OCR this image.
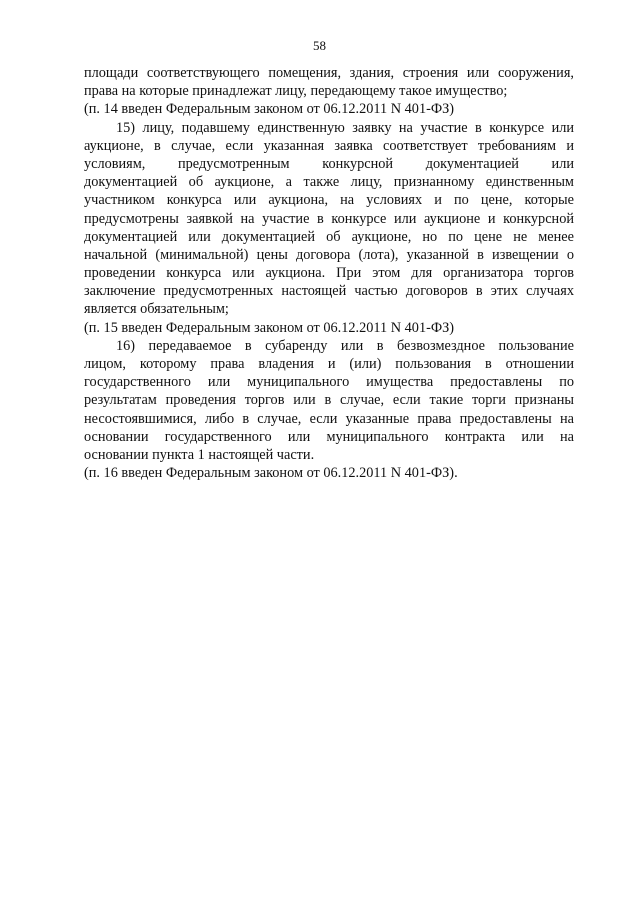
58
площади соответствующего помещения, здания, строения или сооружения,
права на которые принадлежат лицу, передающему такое имущество;
(п. 14 введен Федеральным законом от 06.12.2011 N 401-ФЗ)
15) лицу, подавшему единственную заявку на участие в конкурсе или
аукционе, в случае, если указанная заявка соответствует требованиям и
условиям, предусмотренным конкурсной документацией или
документацией об аукционе, а также лицу, признанному единственным
участником конкурса или аукциона, на условиях и по цене, которые
предусмотрены заявкой на участие в конкурсе или аукционе и конкурсной
документацией или документацией об аукционе, но по цене не менее
начальной (минимальной) цены договора (лота), указанной в извещении о
проведении конкурса или аукциона. При этом для организатора торгов
заключение предусмотренных настоящей частью договоров в этих случаях
является обязательным;
(п. 15 введен Федеральным законом от 06.12.2011 N 401-ФЗ)
16) передаваемое в субаренду или в безвозмездное пользование
лицом, которому права владения и (или) пользования в отношении
государственного или муниципального имущества предоставлены по
результатам проведения торгов или в случае, если такие торги признаны
несостоявшимися, либо в случае, если указанные права предоставлены на
основании государственного или муниципального контракта или на
основании пункта 1 настоящей части.
(п. 16 введен Федеральным законом от 06.12.2011 N 401-ФЗ).
